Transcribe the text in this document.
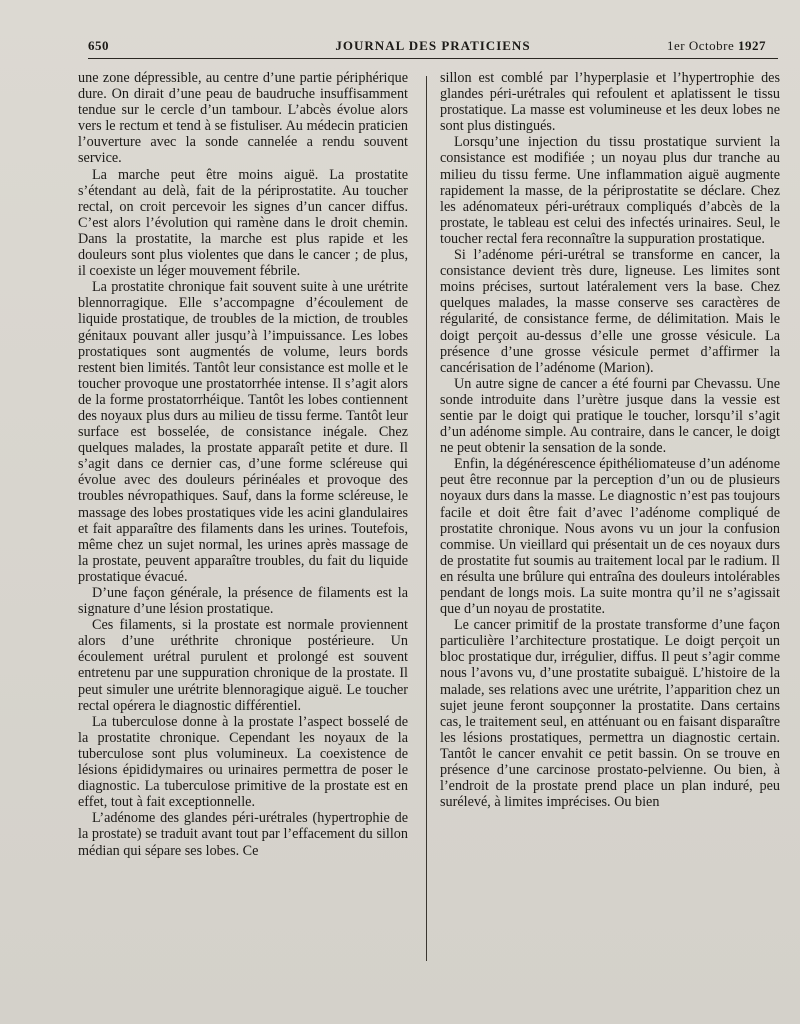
650	JOURNAL DES PRATICIENS	1er Octobre 1927

une zone dépressible, au centre d’une partie périphérique dure. On dirait d’une peau de baudruche insuffisamment tendue sur le cercle d’un tambour. L’abcès évolue alors vers le rectum et tend à se fistuliser. Au médecin praticien l’ouverture avec la sonde cannelée a rendu souvent service.

La marche peut être moins aiguë. La prostatite s’étendant au delà, fait de la périprostatite. Au toucher rectal, on croit percevoir les signes d’un cancer diffus. C’est alors l’évolution qui ramène dans le droit chemin. Dans la prostatite, la marche est plus rapide et les douleurs sont plus violentes que dans le cancer ; de plus, il coexiste un léger mouvement fébrile.

La prostatite chronique fait souvent suite à une urétrite blennorragique. Elle s’accompagne d’écoulement de liquide prostatique, de troubles de la miction, de troubles génitaux pouvant aller jusqu’à l’impuissance. Les lobes prostatiques sont augmentés de volume, leurs bords restent bien limités. Tantôt leur consistance est molle et le toucher provoque une prostatorrhée intense. Il s’agit alors de la forme prostatorrhéique. Tantôt les lobes contiennent des noyaux plus durs au milieu de tissu ferme. Tantôt leur surface est bosselée, de consistance inégale. Chez quelques malades, la prostate apparaît petite et dure. Il s’agit dans ce dernier cas, d’une forme scléreuse qui évolue avec des douleurs périnéales et provoque des troubles névropathiques. Sauf, dans la forme scléreuse, le massage des lobes prostatiques vide les acini glandulaires et fait apparaître des filaments dans les urines. Toutefois, même chez un sujet normal, les urines après massage de la prostate, peuvent apparaître troubles, du fait du liquide prostatique évacué.

D’une façon générale, la présence de filaments est la signature d’une lésion prostatique.

Ces filaments, si la prostate est normale proviennent alors d’une uréthrite chronique postérieure. Un écoulement urétral purulent et prolongé est souvent entretenu par une suppuration chronique de la prostate. Il peut simuler une urétrite blennoragique aiguë. Le toucher rectal opérera le diagnostic différentiel.

La tuberculose donne à la prostate l’aspect bosselé de la prostatite chronique. Cependant les noyaux de la tuberculose sont plus volumineux. La coexistence de lésions épididymaires ou urinaires permettra de poser le diagnostic. La tuberculose primitive de la prostate est en effet, tout à fait exceptionnelle.

L’adénome des glandes péri-urétrales (hypertrophie de la prostate) se traduit avant tout par l’effacement du sillon médian qui sépare ses lobes. Ce

sillon est comblé par l’hyperplasie et l’hypertrophie des glandes péri-urétrales qui refoulent et aplatissent le tissu prostatique. La masse est volumineuse et les deux lobes ne sont plus distingués.

Lorsqu’une injection du tissu prostatique survient la consistance est modifiée ; un noyau plus dur tranche au milieu du tissu ferme. Une inflammation aiguë augmente rapidement la masse, de la périprostatite se déclare. Chez les adénomateux péri-urétraux compliqués d’abcès de la prostate, le tableau est celui des infectés urinaires. Seul, le toucher rectal fera reconnaître la suppuration prostatique.

Si l’adénome péri-urétral se transforme en cancer, la consistance devient très dure, ligneuse. Les limites sont moins précises, surtout latéralement vers la base. Chez quelques malades, la masse conserve ses caractères de régularité, de consistance ferme, de délimitation. Mais le doigt perçoit au-dessus d’elle une grosse vésicule. La présence d’une grosse vésicule permet d’affirmer la cancérisation de l’adénome (Marion).

Un autre signe de cancer a été fourni par Chevassu. Une sonde introduite dans l’urètre jusque dans la vessie est sentie par le doigt qui pratique le toucher, lorsqu’il s’agit d’un adénome simple. Au contraire, dans le cancer, le doigt ne peut obtenir la sensation de la sonde.

Enfin, la dégénérescence épithéliomateuse d’un adénome peut être reconnue par la perception d’un ou de plusieurs noyaux durs dans la masse. Le diagnostic n’est pas toujours facile et doit être fait d’avec l’adénome compliqué de prostatite chronique. Nous avons vu un jour la confusion commise. Un vieillard qui présentait un de ces noyaux durs de prostatite fut soumis au traitement local par le radium. Il en résulta une brûlure qui entraîna des douleurs intolérables pendant de longs mois. La suite montra qu’il ne s’agissait que d’un noyau de prostatite.

Le cancer primitif de la prostate transforme d’une façon particulière l’architecture prostatique. Le doigt perçoit un bloc prostatique dur, irrégulier, diffus. Il peut s’agir comme nous l’avons vu, d’une prostatite subaiguë. L’histoire de la malade, ses relations avec une urétrite, l’apparition chez un sujet jeune feront soupçonner la prostatite. Dans certains cas, le traitement seul, en atténuant ou en faisant disparaître les lésions prostatiques, permettra un diagnostic certain. Tantôt le cancer envahit ce petit bassin. On se trouve en présence d’une carcinose prostato-pelvienne. Ou bien, à l’endroit de la prostate prend place un plan induré, peu surélevé, à limites imprécises. Ou bien
